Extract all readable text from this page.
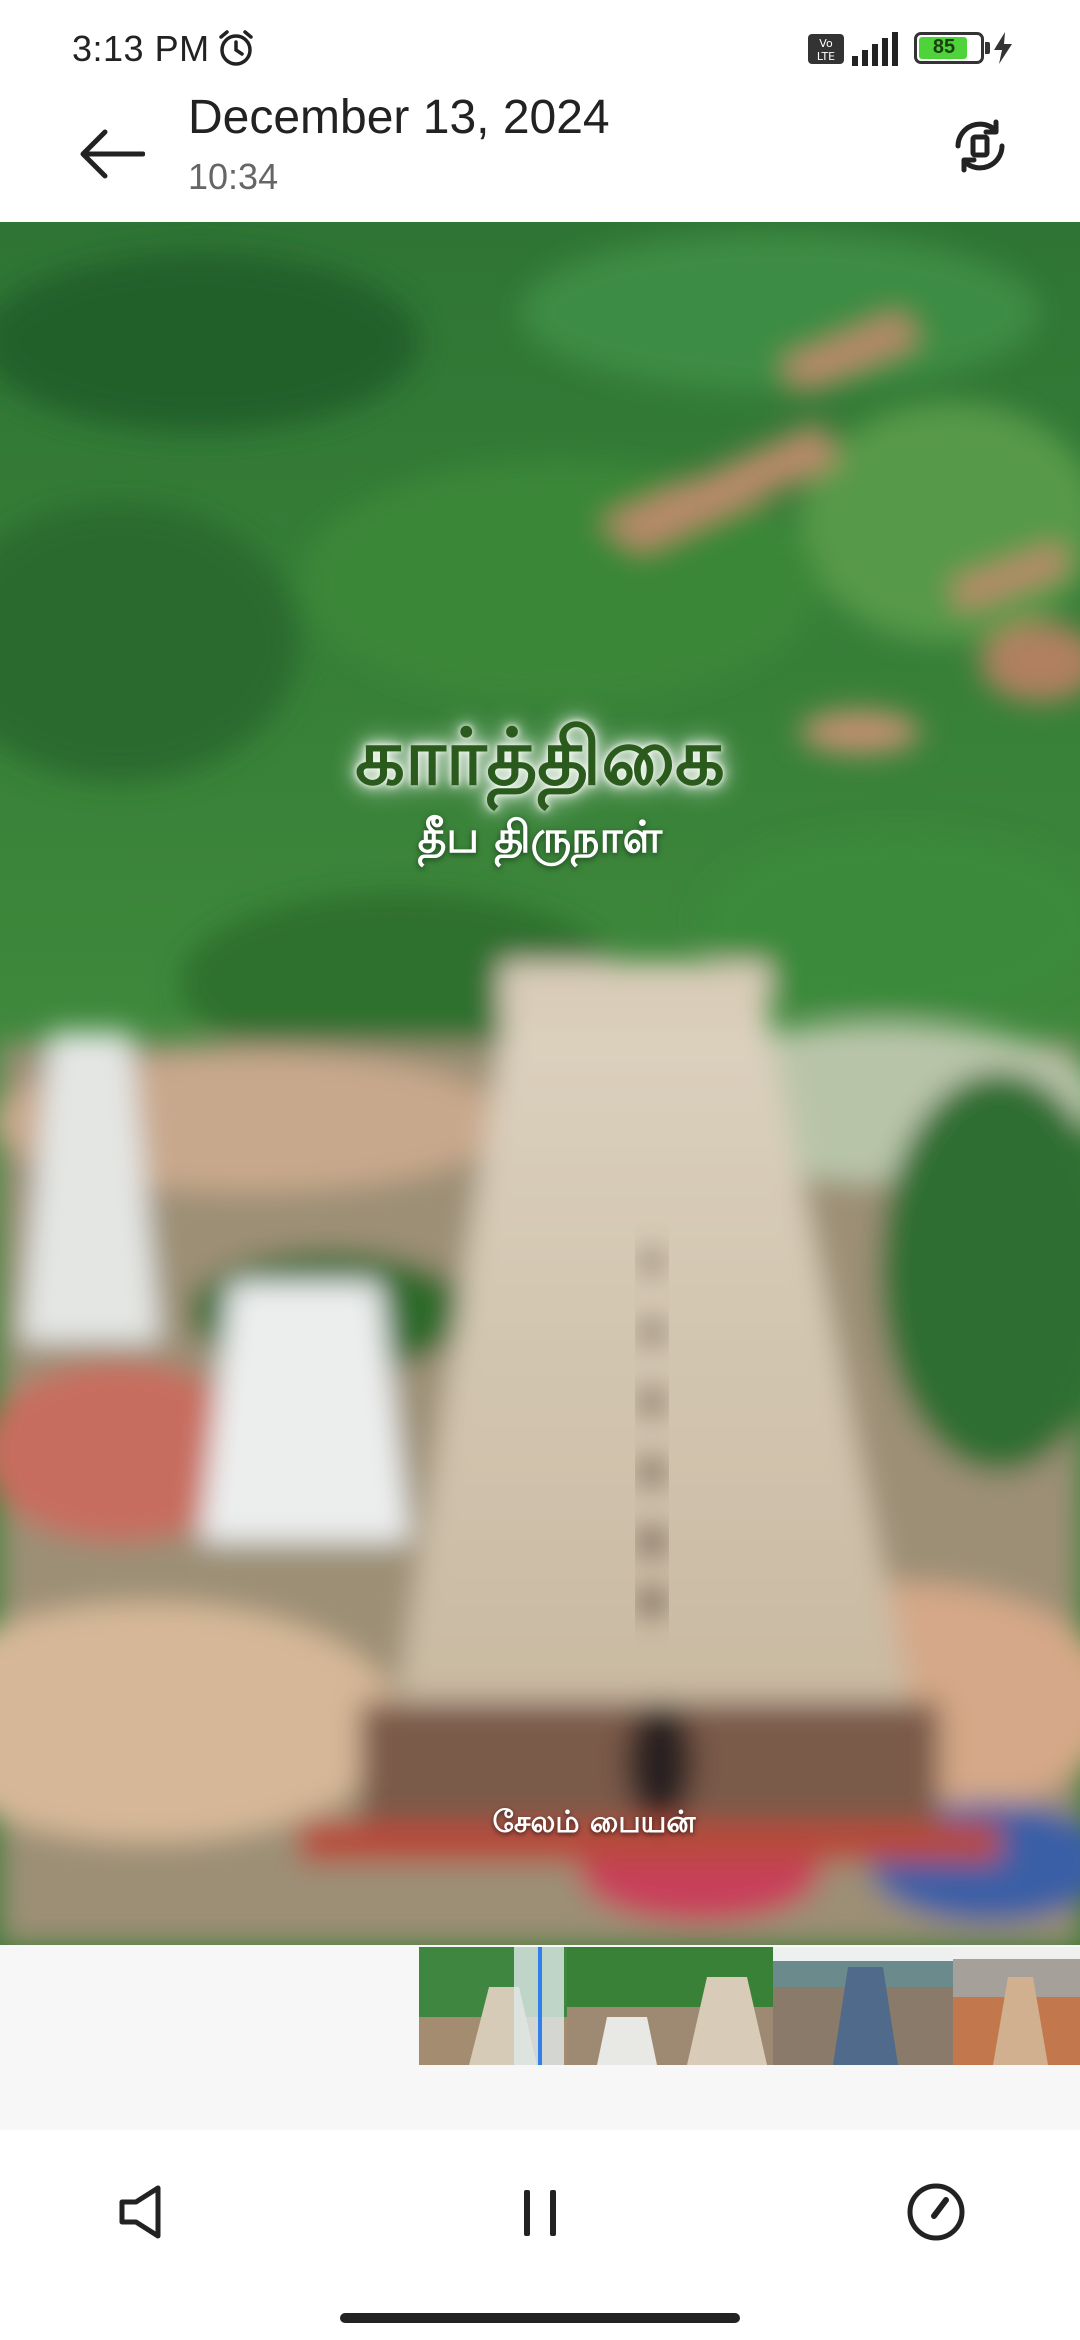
3:13 PM	Vo
LTE	85
December 13, 2024
10:34
கார்த்திகை
தீப திருநாள்
சேலம் பையன்
